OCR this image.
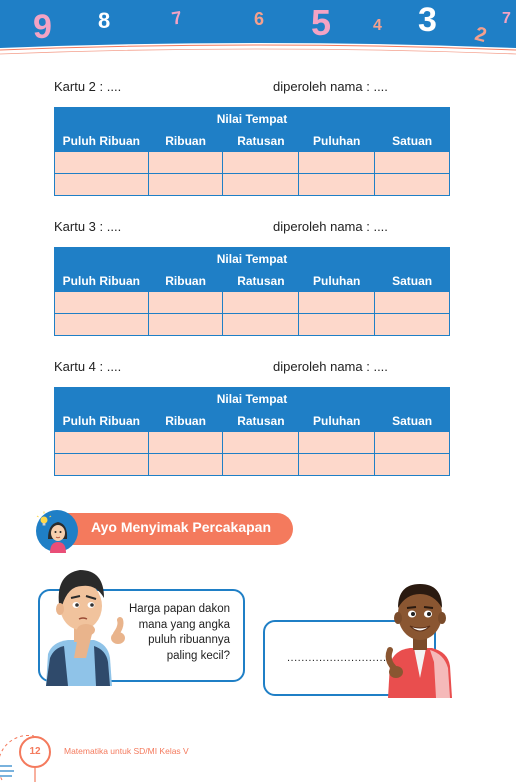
9 8	7	6 5	4 3 2
7
Kartu 2 : ....	diperoleh nama : ....
Nilai Tempat				
Puluh Ribuan	Ribuan	Ratusan	Puluhan	Satuan

Kartu 3 : ....	diperoleh nama : ....
Nilai Tempat				
Puluh Ribuan	Ribuan	Ratusan	Puluhan	Satuan

Kartu 4 : ....	diperoleh nama : ....
Nilai Tempat				
Puluh Ribuan	Ribuan	Ratusan	Puluhan	Satuan

Ayo Menyimak Percakapan
Harga papan dakon
mana yang angka
puluh ribuannya
paling kecil?	............................
12	Matematika untuk SD/MI Kelas V
